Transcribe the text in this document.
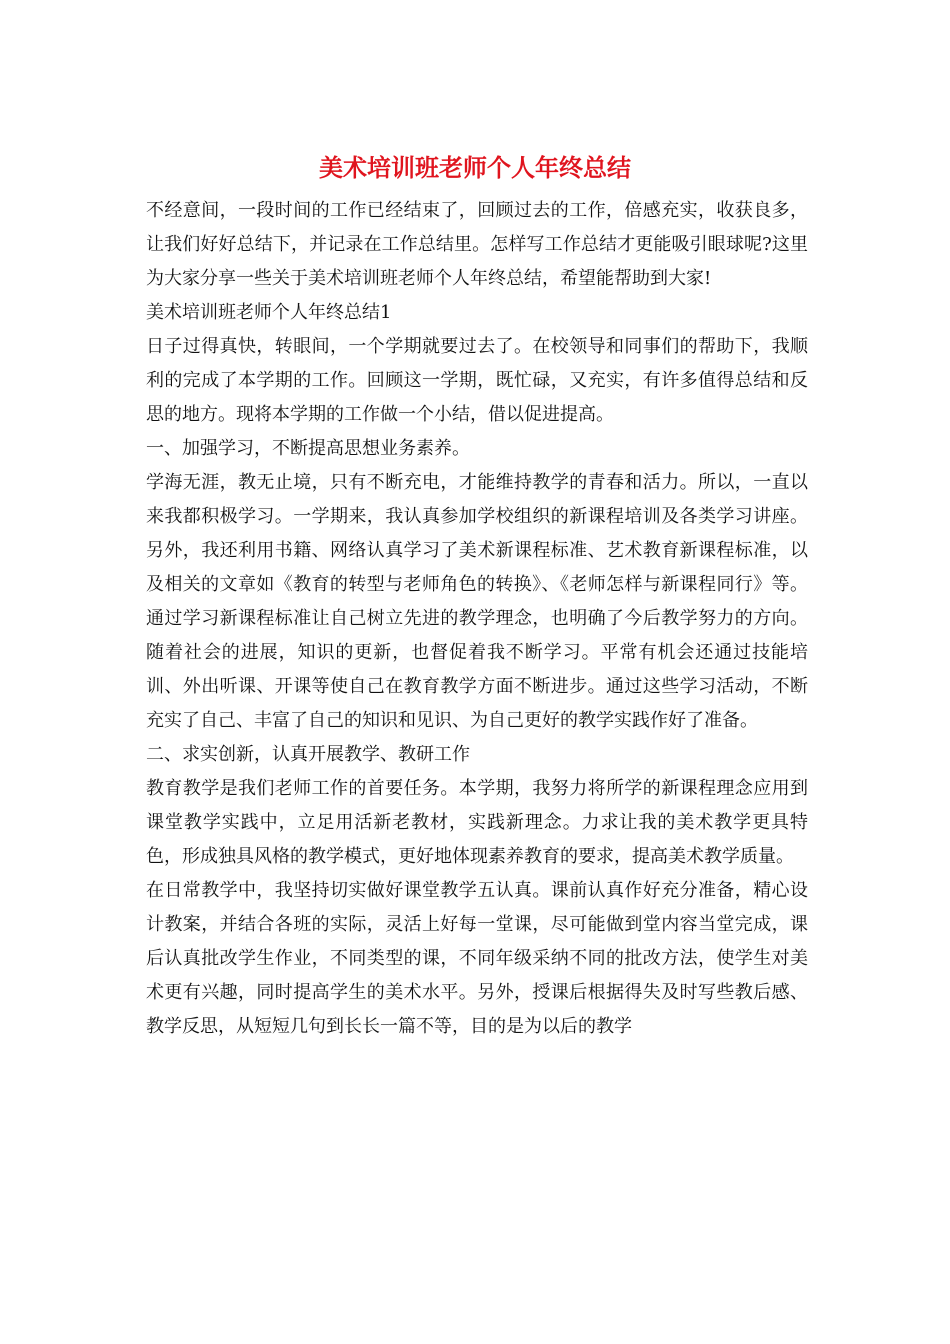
美术培训班老师个人年终总结

不经意间，一段时间的工作已经结束了，回顾过去的工作，倍感充实，收获良多，让我们好好总结下，并记录在工作总结里。怎样写工作总结才更能吸引眼球呢?这里为大家分享一些关于美术培训班老师个人年终总结，希望能帮助到大家!

美术培训班老师个人年终总结1

日子过得真快，转眼间，一个学期就要过去了。在校领导和同事们的帮助下，我顺利的完成了本学期的工作。回顾这一学期，既忙碌，又充实，有许多值得总结和反思的地方。现将本学期的工作做一个小结，借以促进提高。

一、加强学习，不断提高思想业务素养。

学海无涯，教无止境，只有不断充电，才能维持教学的青春和活力。所以，一直以来我都积极学习。一学期来，我认真参加学校组织的新课程培训及各类学习讲座。另外，我还利用书籍、网络认真学习了美术新课程标准、艺术教育新课程标准，以及相关的文章如《教育的转型与老师角色的转换》、《老师怎样与新课程同行》等。通过学习新课程标准让自己树立先进的教学理念，也明确了今后教学努力的方向。随着社会的进展，知识的更新，也督促着我不断学习。平常有机会还通过技能培训、外出听课、开课等使自己在教育教学方面不断进步。通过这些学习活动，不断充实了自己、丰富了自己的知识和见识、为自己更好的教学实践作好了准备。

二、求实创新，认真开展教学、教研工作

教育教学是我们老师工作的首要任务。本学期，我努力将所学的新课程理念应用到课堂教学实践中，立足用活新老教材，实践新理念。力求让我的美术教学更具特色，形成独具风格的教学模式，更好地体现素养教育的要求，提高美术教学质量。

在日常教学中，我坚持切实做好课堂教学五认真。课前认真作好充分准备，精心设计教案，并结合各班的实际，灵活上好每一堂课，尽可能做到堂内容当堂完成，课后认真批改学生作业，不同类型的课，不同年级采纳不同的批改方法，使学生对美术更有兴趣，同时提高学生的美术水平。另外，授课后根据得失及时写些教后感、教学反思，从短短几句到长长一篇不等，目的是为以后的教学
